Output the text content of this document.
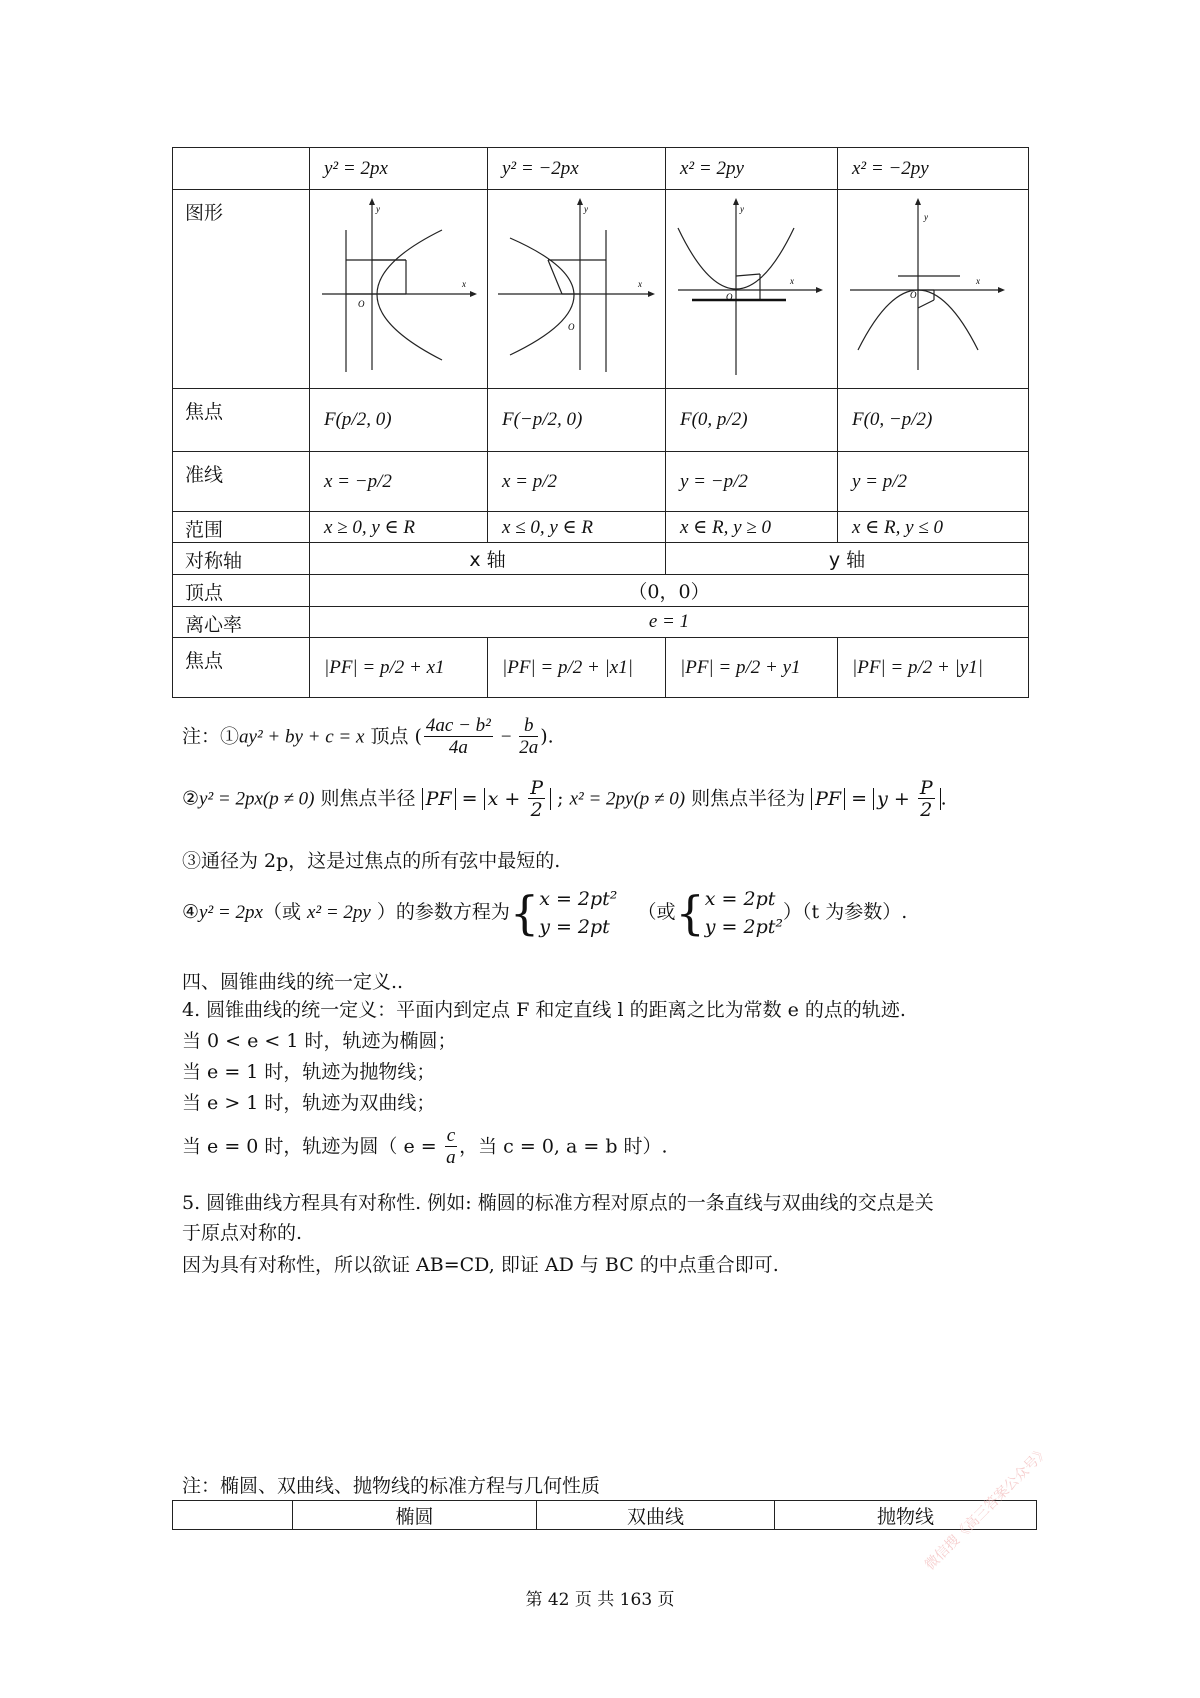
	y² = 2px	y² = −2px	x² = 2py	x² = −2py
图形	x
y
O	x
y
O	x
y
O	x
y
O

焦点	F(p/2, 0)	F(−p/2, 0)	F(0, p/2)	F(0, −p/2)
准线	x = −p/2	x = p/2	y = −p/2	y = p/2
范围	x ≥ 0, y ∈ R	x ≤ 0, y ∈ R	x ∈ R, y ≥ 0	x ∈ R, y ≤ 0
对称轴	x 轴		y 轴	
顶点	（0，0）			
离心率	e = 1			
焦点	|PF| = p/2 + x1	|PF| = p/2 + |x1|	|PF| = p/2 + y1	|PF| = p/2 + |y1|
注：①ay² + by + c = x 顶点 ( $\frac{\text{4ac − b²}}{4a} - \frac{b}{2a}$ ).
②y² = 2px(p ≠ 0) 则焦点半径 PF = $x + \frac{P}{2}$ ; x² = 2py(p ≠ 0) 则焦点半径为 PF = $y + \frac{P}{2}$ .
③通径为 2p，这是过焦点的所有弦中最短的.
④y² = 2px（或 x² = 2py ）的参数方程为{ x = 2pt²
y = 2pt
（或{ x = 2pt
y = 2pt²
）（t 为参数）.
四、圆锥曲线的统一定义..
4. 圆锥曲线的统一定义：平面内到定点 F 和定直线 l 的距离之比为常数 e 的点的轨迹.
当 0 < e < 1 时，轨迹为椭圆；
当 e = 1 时，轨迹为抛物线；
当 e > 1 时，轨迹为双曲线；
当 e = 0 时，轨迹为圆（ $e = \frac{c}{a}$ ，当 c = 0, a = b 时）.
5. 圆锥曲线方程具有对称性. 例如: 椭圆的标准方程对原点的一条直线与双曲线的交点是关
于原点对称的.
因为具有对称性，所以欲证 AB=CD, 即证 AD 与 BC 的中点重合即可.
注：椭圆、双曲线、抛物线的标准方程与几何性质
	椭圆	双曲线	抛物线
第 42 页 共 163 页
微信搜《高三答案公众号》
